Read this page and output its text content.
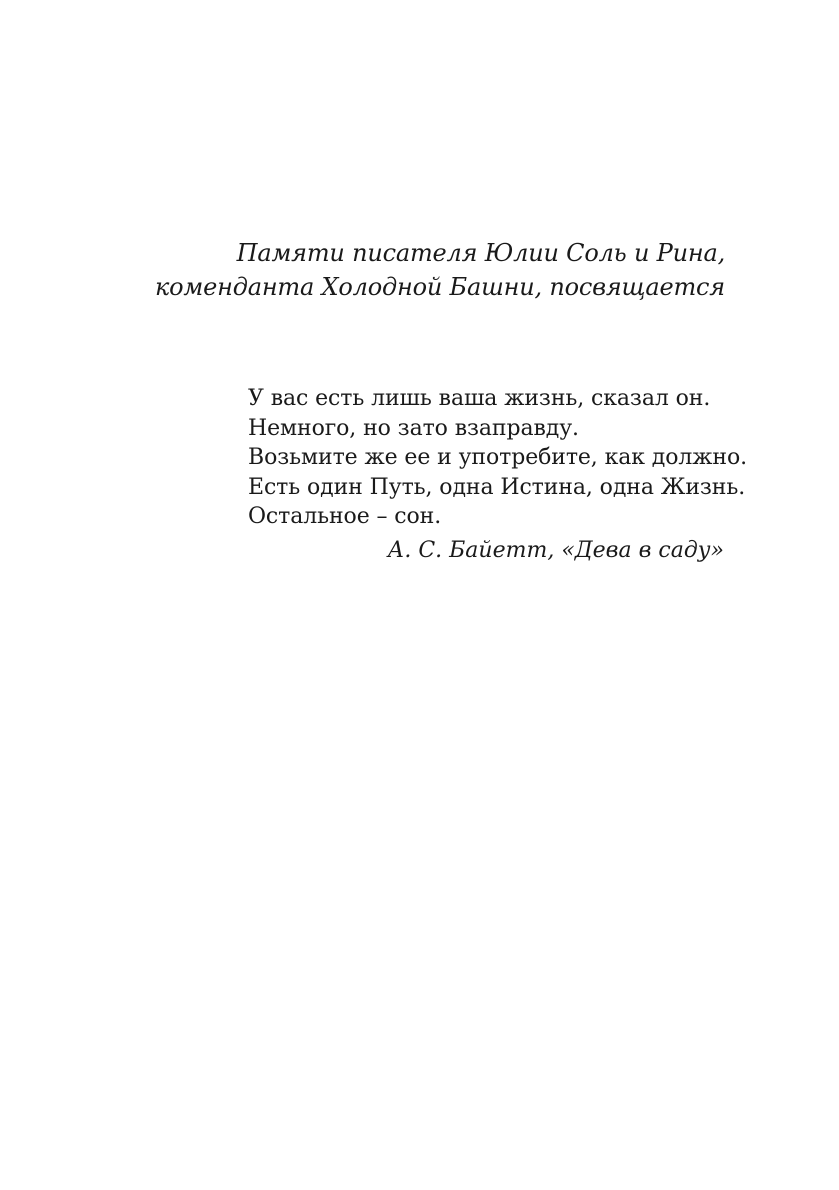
Памяти писателя Юлии Соль и Рина,
коменданта Холодной Башни, посвящается
У вас есть лишь ваша жизнь, сказал он.
Немного, но зато взаправду.
Возьмите же ее и употребите, как должно.
Есть один Путь, одна Истина, одна Жизнь.
Остальное – сон.
А. С. Байетт, «Дева в саду»
